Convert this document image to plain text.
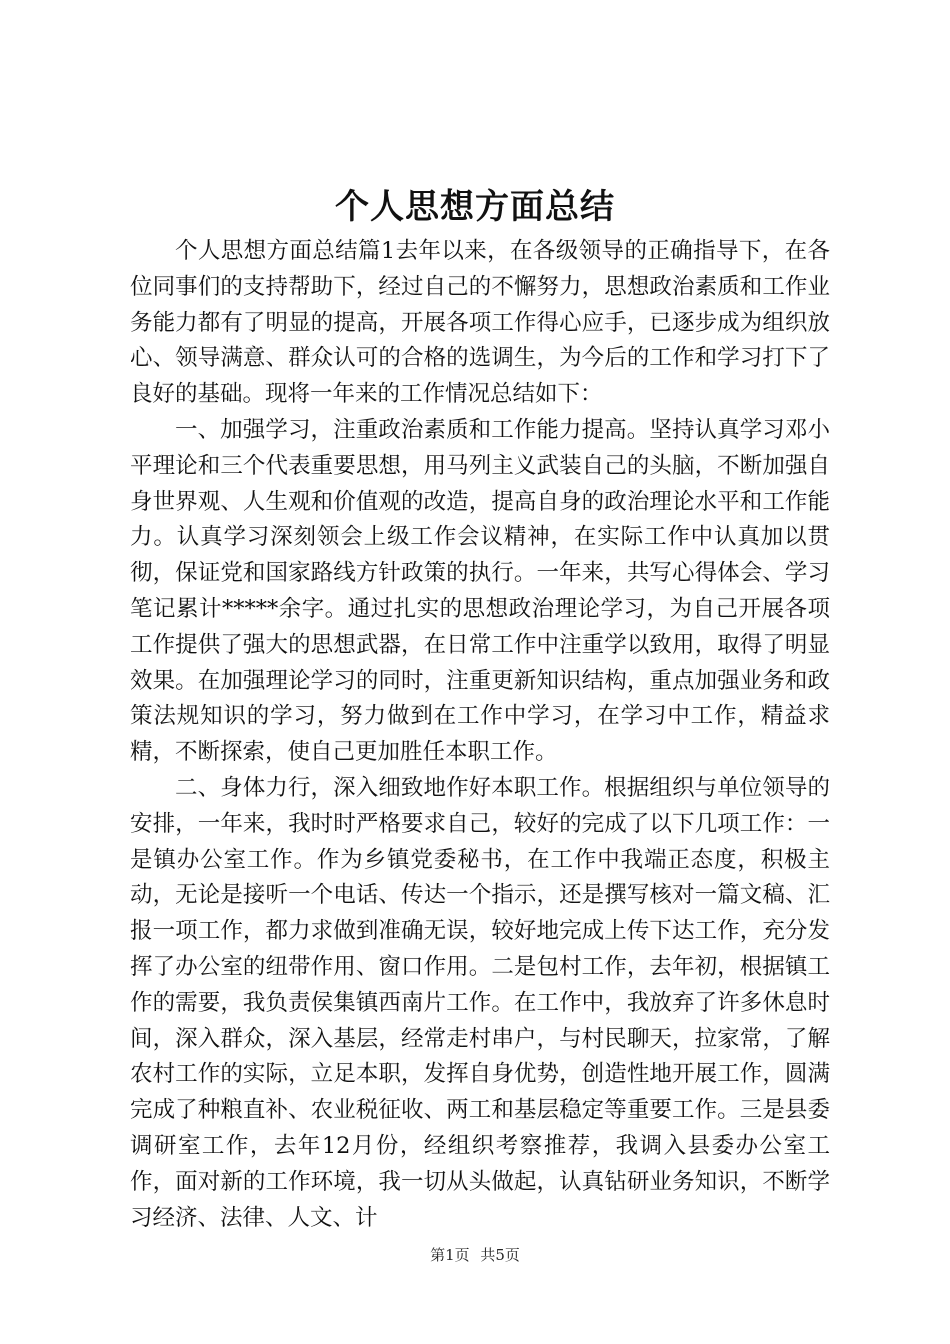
个人思想方面总结

个人思想方面总结篇1去年以来，在各级领导的正确指导下，在各位同事们的支持帮助下，经过自己的不懈努力，思想政治素质和工作业务能力都有了明显的提高，开展各项工作得心应手，已逐步成为组织放心、领导满意、群众认可的合格的选调生，为今后的工作和学习打下了良好的基础。现将一年来的工作情况总结如下：

一、加强学习，注重政治素质和工作能力提高。坚持认真学习邓小平理论和三个代表重要思想，用马列主义武装自己的头脑，不断加强自身世界观、人生观和价值观的改造，提高自身的政治理论水平和工作能力。认真学习深刻领会上级工作会议精神，在实际工作中认真加以贯彻，保证党和国家路线方针政策的执行。一年来，共写心得体会、学习笔记累计*****余字。通过扎实的思想政治理论学习，为自己开展各项工作提供了强大的思想武器，在日常工作中注重学以致用，取得了明显效果。在加强理论学习的同时，注重更新知识结构，重点加强业务和政策法规知识的学习，努力做到在工作中学习，在学习中工作，精益求精，不断探索，使自己更加胜任本职工作。

二、身体力行，深入细致地作好本职工作。根据组织与单位领导的安排，一年来，我时时严格要求自己，较好的完成了以下几项工作：一是镇办公室工作。作为乡镇党委秘书，在工作中我端正态度，积极主动，无论是接听一个电话、传达一个指示，还是撰写核对一篇文稿、汇报一项工作，都力求做到准确无误，较好地完成上传下达工作，充分发挥了办公室的纽带作用、窗口作用。二是包村工作，去年初，根据镇工作的需要，我负责侯集镇西南片工作。在工作中，我放弃了许多休息时间，深入群众，深入基层，经常走村串户，与村民聊天，拉家常，了解农村工作的实际，立足本职，发挥自身优势，创造性地开展工作，圆满完成了种粮直补、农业税征收、两工和基层稳定等重要工作。三是县委调研室工作，去年12月份，经组织考察推荐，我调入县委办公室工作，面对新的工作环境，我一切从头做起，认真钻研业务知识，不断学习经济、法律、人文、计

第1页 共5页
